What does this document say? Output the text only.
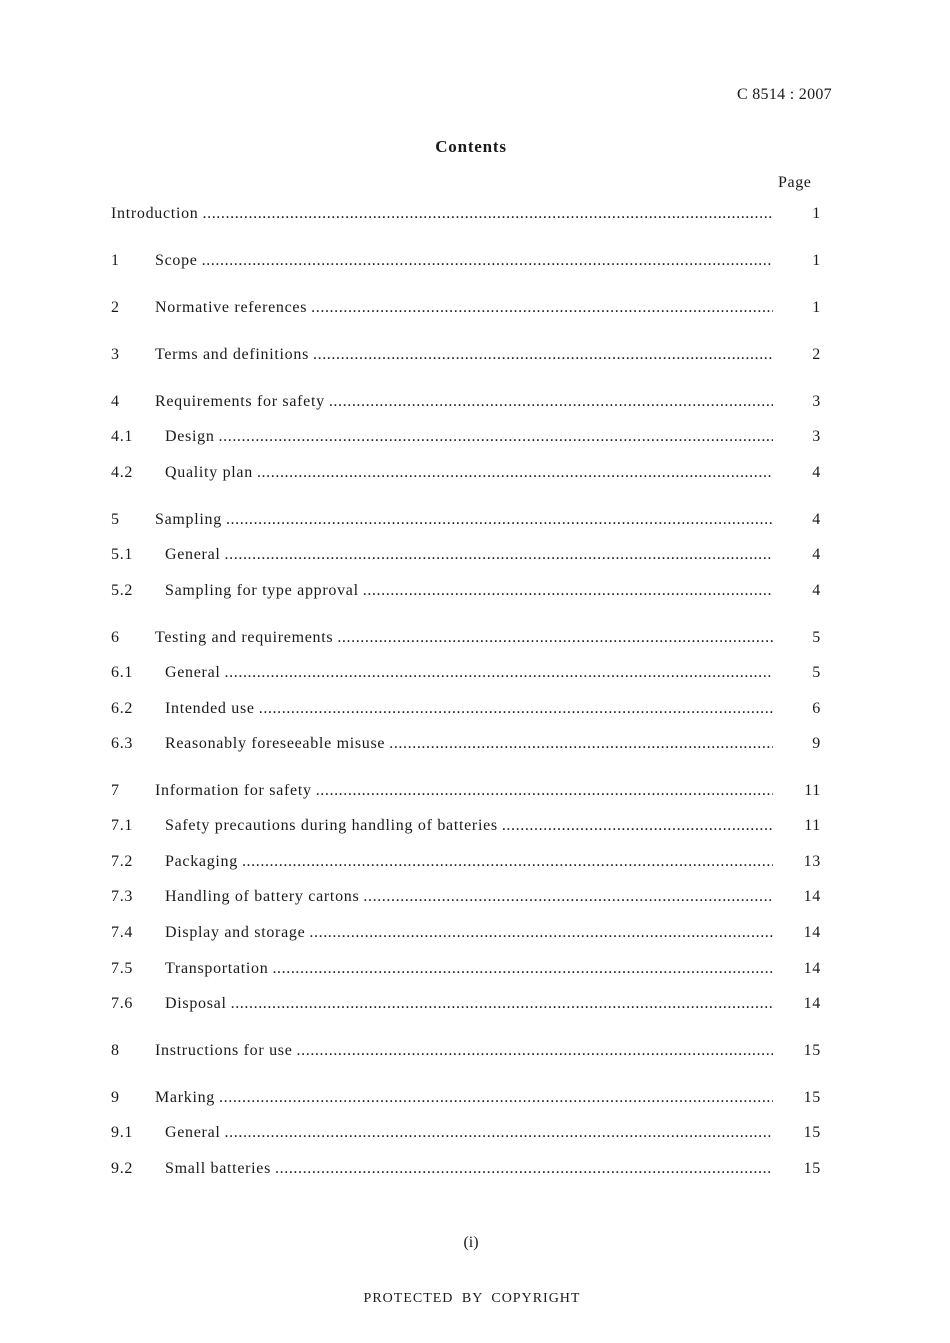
C 8514 : 2007
Contents
Page
Introduction .....	1
1	Scope .....	1
2	Normative references .....	1
3	Terms and definitions .....	2
4	Requirements for safety .....	3
4.1	Design .....	3
4.2	Quality plan .....	4
5	Sampling .....	4
5.1	General .....	4
5.2	Sampling for type approval .....	4
6	Testing and requirements .....	5
6.1	General .....	5
6.2	Intended use .....	6
6.3	Reasonably foreseeable misuse .....	9
7	Information for safety .....	11
7.1	Safety precautions during handling of batteries .....	11
7.2	Packaging .....	13
7.3	Handling of battery cartons .....	14
7.4	Display and storage .....	14
7.5	Transportation .....	14
7.6	Disposal .....	14
8	Instructions for use .....	15
9	Marking .....	15
9.1	General .....	15
9.2	Small batteries .....	15
(i)
PROTECTED BY COPYRIGHT
